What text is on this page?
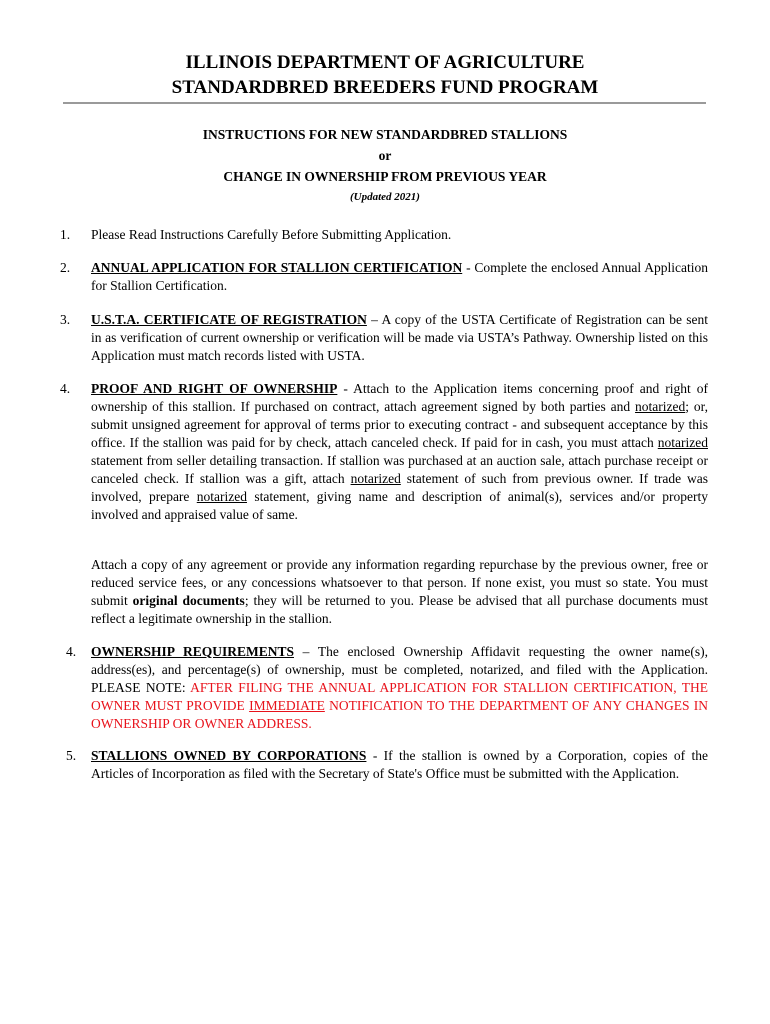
ILLINOIS DEPARTMENT OF AGRICULTURE
STANDARDBRED BREEDERS FUND PROGRAM
INSTRUCTIONS FOR NEW STANDARDBRED STALLIONS
or
CHANGE IN OWNERSHIP FROM PREVIOUS YEAR
(Updated 2021)
1.	Please Read Instructions Carefully Before Submitting Application.
2.	ANNUAL APPLICATION FOR STALLION CERTIFICATION - Complete the enclosed Annual Application for Stallion Certification.
3.	U.S.T.A. CERTIFICATE OF REGISTRATION – A copy of the USTA Certificate of Registration can be sent in as verification of current ownership or verification will be made via USTA’s Pathway. Ownership listed on this Application must match records listed with USTA.
4.	PROOF AND RIGHT OF OWNERSHIP - Attach to the Application items concerning proof and right of ownership of this stallion. If purchased on contract, attach agreement signed by both parties and notarized; or, submit unsigned agreement for approval of terms prior to executing contract - and subsequent acceptance by this office. If the stallion was paid for by check, attach canceled check. If paid for in cash, you must attach notarized statement from seller detailing transaction. If stallion was purchased at an auction sale, attach purchase receipt or canceled check. If stallion was a gift, attach notarized statement of such from previous owner. If trade was involved, prepare notarized statement, giving name and description of animal(s), services and/or property involved and appraised value of same.
Attach a copy of any agreement or provide any information regarding repurchase by the previous owner, free or reduced service fees, or any concessions whatsoever to that person. If none exist, you must so state. You must submit original documents; they will be returned to you. Please be advised that all purchase documents must reflect a legitimate ownership in the stallion.
4.	OWNERSHIP REQUIREMENTS – The enclosed Ownership Affidavit requesting the owner name(s), address(es), and percentage(s) of ownership, must be completed, notarized, and filed with the Application. PLEASE NOTE: AFTER FILING THE ANNUAL APPLICATION FOR STALLION CERTIFICATION, THE OWNER MUST PROVIDE IMMEDIATE NOTIFICATION TO THE DEPARTMENT OF ANY CHANGES IN OWNERSHIP OR OWNER ADDRESS.
5.	STALLIONS OWNED BY CORPORATIONS - If the stallion is owned by a Corporation, copies of the Articles of Incorporation as filed with the Secretary of State's Office must be submitted with the Application.
